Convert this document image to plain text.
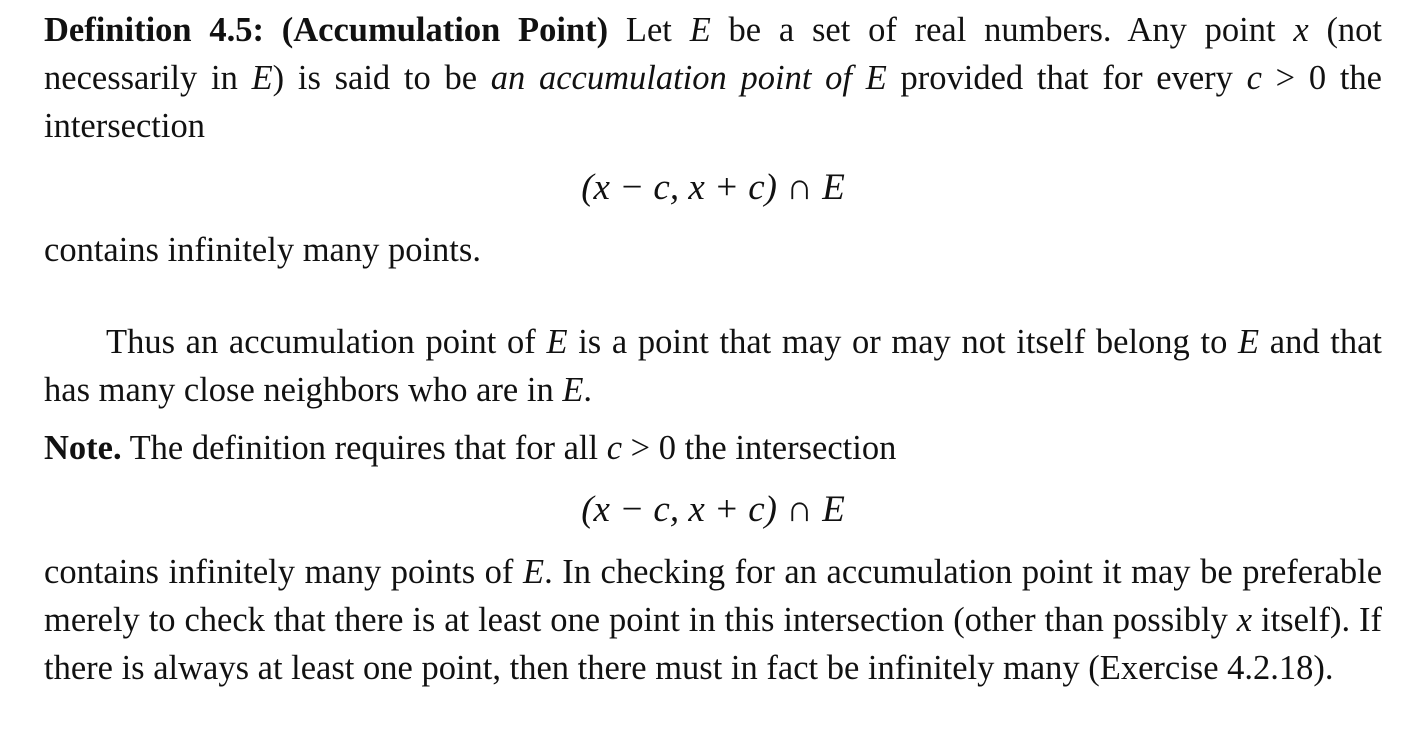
Definition 4.5: (Accumulation Point) Let E be a set of real numbers. Any point x (not necessarily in E) is said to be an accumulation point of E provided that for every c > 0 the intersection

(x − c, x + c) ∩ E

contains infinitely many points.

Thus an accumulation point of E is a point that may or may not itself belong to E and that has many close neighbors who are in E.

Note. The definition requires that for all c > 0 the intersection

(x − c, x + c) ∩ E

contains infinitely many points of E. In checking for an accumulation point it may be preferable merely to check that there is at least one point in this intersection (other than possibly x itself). If there is always at least one point, then there must in fact be infinitely many (Exercise 4.2.18).
